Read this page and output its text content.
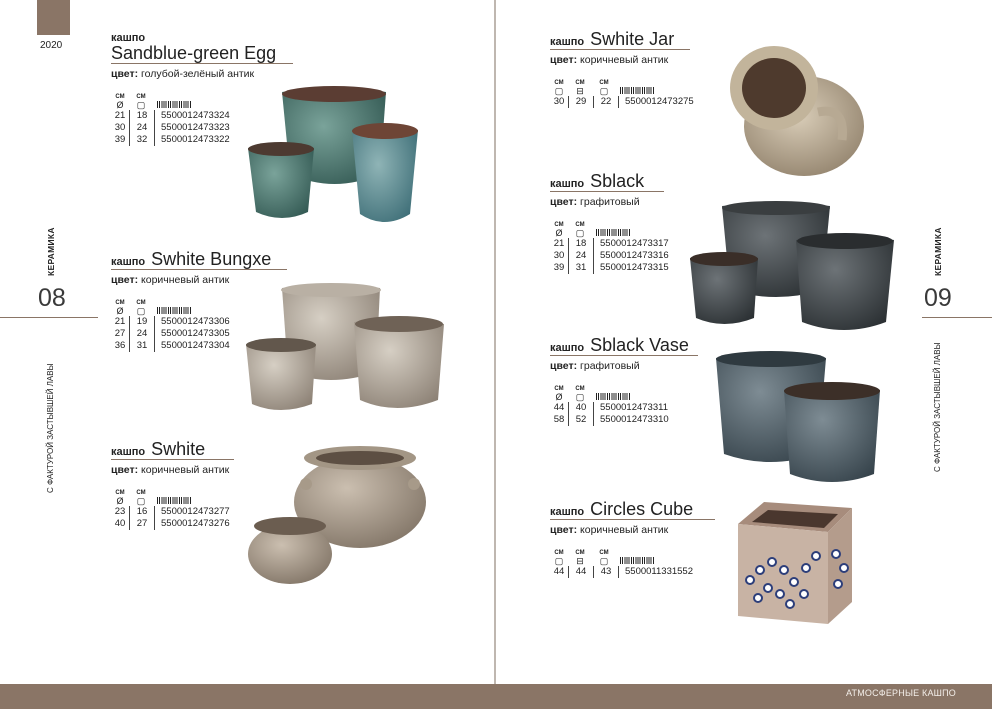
2020
АТМОСФЕРНЫЕ КАШПО
КЕРАМИКА
08
С ФАКТУРОЙ ЗАСТЫВШЕЙ ЛАВЫ
КЕРАМИКА
09
С ФАКТУРОЙ ЗАСТЫВШЕЙ ЛАВЫ
кашпо
Sandblue-green Egg
цвет: голубой-зелёный антик
СМ
Ø
СМ
▢
21	18	5500012473324
30	24	5500012473323
39	32	5500012473322
кашпо Swhite Bungxe
цвет: коричневый антик
СМ
Ø
СМ
▢
21	19	5500012473306
27	24	5500012473305
36	31	5500012473304
кашпо Swhite
цвет: коричневый антик
СМ
Ø
СМ
▢
23	16	5500012473277
40	27	5500012473276
кашпо Swhite Jar
цвет: коричневый антик
СМ
▢
СМ
⊟
СМ
▢
30	29	22	5500012473275
кашпо Sblack
цвет: графитовый
СМ
Ø
СМ
▢
21	18	5500012473317
30	24	5500012473316
39	31	5500012473315
кашпо Sblack Vase
цвет: графитовый
СМ
Ø
СМ
▢
44	40	5500012473311
58	52	5500012473310
кашпо Circles Cube
цвет: коричневый антик
СМ
▢
СМ
⊟
СМ
▢
44	44	43	5500011331552
